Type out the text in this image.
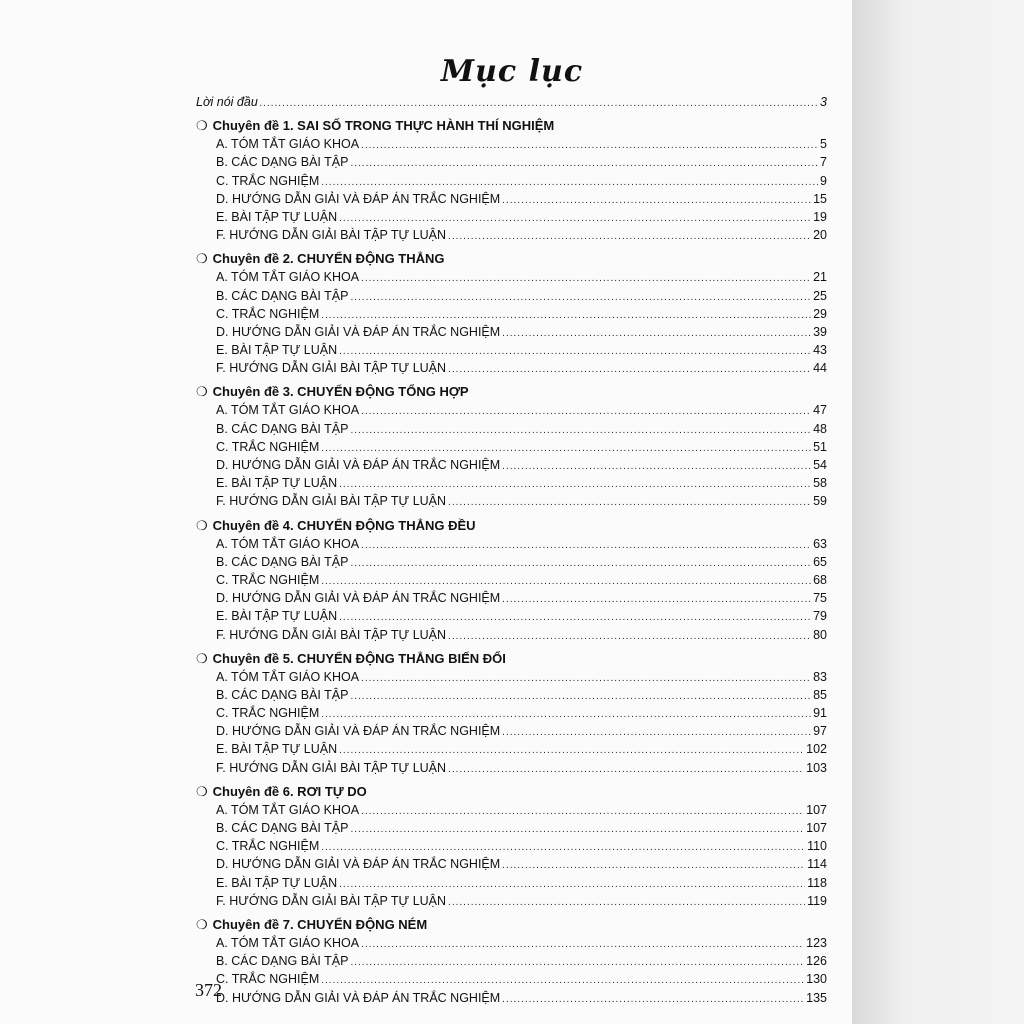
Mục lục
Lời nói đầu .....	3
❍ Chuyên đề 1. SAI SỐ TRONG THỰC HÀNH THÍ NGHIỆM
A. TÓM TẮT GIÁO KHOA .....	5
B. CÁC DẠNG BÀI TẬP .....	7
C. TRẮC NGHIỆM .....	9
D. HƯỚNG DẪN GIẢI VÀ ĐÁP ÁN TRẮC NGHIỆM .....	15
E. BÀI TẬP TỰ LUẬN .....	19
F. HƯỚNG DẪN GIẢI BÀI TẬP TỰ LUẬN .....	20
❍ Chuyên đề 2. CHUYỂN ĐỘNG THẲNG
A. TÓM TẮT GIÁO KHOA .....	21
B. CÁC DẠNG BÀI TẬP .....	25
C. TRẮC NGHIỆM .....	29
D. HƯỚNG DẪN GIẢI VÀ ĐÁP ÁN TRẮC NGHIỆM .....	39
E. BÀI TẬP TỰ LUẬN .....	43
F. HƯỚNG DẪN GIẢI BÀI TẬP TỰ LUẬN .....	44
❍ Chuyên đề 3. CHUYỂN ĐỘNG TỔNG HỢP
A. TÓM TẮT GIÁO KHOA .....	47
B. CÁC DẠNG BÀI TẬP .....	48
C. TRẮC NGHIỆM .....	51
D. HƯỚNG DẪN GIẢI VÀ ĐÁP ÁN TRẮC NGHIỆM .....	54
E. BÀI TẬP TỰ LUẬN .....	58
F. HƯỚNG DẪN GIẢI BÀI TẬP TỰ LUẬN .....	59
❍ Chuyên đề 4. CHUYỂN ĐỘNG THẲNG ĐỀU
A. TÓM TẮT GIÁO KHOA .....	63
B. CÁC DẠNG BÀI TẬP .....	65
C. TRẮC NGHIỆM .....	68
D. HƯỚNG DẪN GIẢI VÀ ĐÁP ÁN TRẮC NGHIỆM .....	75
E. BÀI TẬP TỰ LUẬN .....	79
F. HƯỚNG DẪN GIẢI BÀI TẬP TỰ LUẬN .....	80
❍ Chuyên đề 5. CHUYỂN ĐỘNG THẲNG BIẾN ĐỔI
A. TÓM TẮT GIÁO KHOA .....	83
B. CÁC DẠNG BÀI TẬP .....	85
C. TRẮC NGHIỆM .....	91
D. HƯỚNG DẪN GIẢI VÀ ĐÁP ÁN TRẮC NGHIỆM .....	97
E. BÀI TẬP TỰ LUẬN .....	102
F. HƯỚNG DẪN GIẢI BÀI TẬP TỰ LUẬN .....	103
❍ Chuyên đề 6. RƠI TỰ DO
A. TÓM TẮT GIÁO KHOA .....	107
B. CÁC DẠNG BÀI TẬP .....	107
C. TRẮC NGHIỆM .....	110
D. HƯỚNG DẪN GIẢI VÀ ĐÁP ÁN TRẮC NGHIỆM .....	114
E. BÀI TẬP TỰ LUẬN .....	118
F. HƯỚNG DẪN GIẢI BÀI TẬP TỰ LUẬN .....	119
❍ Chuyên đề 7. CHUYỂN ĐỘNG NÉM
A. TÓM TẮT GIÁO KHOA .....	123
B. CÁC DẠNG BÀI TẬP .....	126
C. TRẮC NGHIỆM .....	130
D. HƯỚNG DẪN GIẢI VÀ ĐÁP ÁN TRẮC NGHIỆM .....	135
372
